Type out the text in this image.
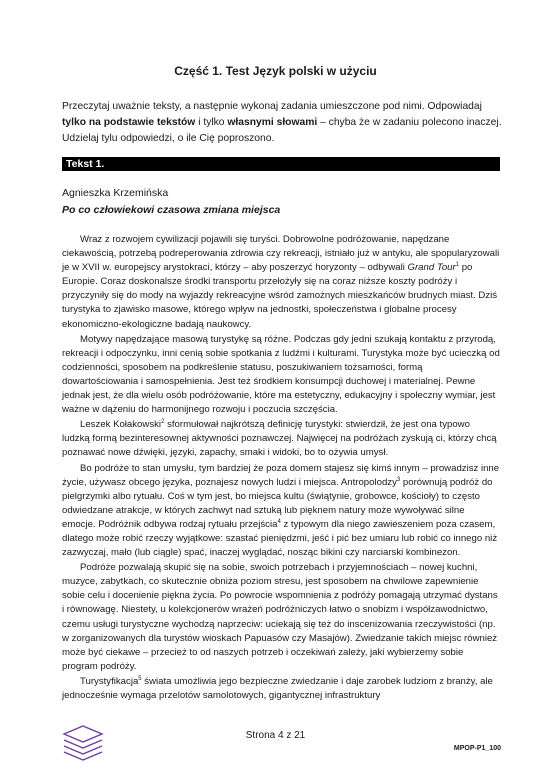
Część 1. Test Język polski w użyciu
Przeczytaj uważnie teksty, a następnie wykonaj zadania umieszczone pod nimi. Odpowiadaj tylko na podstawie tekstów i tylko własnymi słowami – chyba że w zadaniu polecono inaczej. Udzielaj tylu odpowiedzi, o ile Cię poproszono.
Tekst 1.
Agnieszka Krzemińska
Po co człowiekowi czasowa zmiana miejsca

Wraz z rozwojem cywilizacji pojawili się turyści. Dobrowolne podróżowanie, napędzane ciekawością, potrzebą podreperowania zdrowia czy rekreacji, istniało już w antyku, ale spopularyzowali je w XVII w. europejscy arystokraci, którzy – aby poszerzyć horyzonty – odbywali Grand Tour$^1$ po Europie. Coraz doskonalsze środki transportu przełożyły się na coraz niższe koszty podróży i przyczyniły się do mody na wyjazdy rekreacyjne wśród zamożnych mieszkańców brudnych miast. Dziś turystyka to zjawisko masowe, którego wpływ na jednostki, społeczeństwa i globalne procesy ekonomiczno-ekologiczne badają naukowcy.

Motywy napędzające masową turystykę są różne. Podczas gdy jedni szukają kontaktu z przyrodą, rekreacji i odpoczynku, inni cenią sobie spotkania z ludźmi i kulturami. Turystyka może być ucieczką od codzienności, sposobem na podkreślenie statusu, poszukiwaniem tożsamości, formą dowartościowania i samospełnienia. Jest też środkiem konsumpcji duchowej i materialnej. Pewne jednak jest, że dla wielu osób podróżowanie, które ma estetyczny, edukacyjny i społeczny wymiar, jest ważne w dążeniu do harmonijnego rozwoju i poczucia szczęścia.

Leszek Kołakowski$^2$ sformułował najkrótszą definicję turystyki: stwierdził, że jest ona typowo ludzką formą bezinteresownej aktywności poznawczej. Najwięcej na podróżach zyskują ci, którzy chcą poznawać nowe dźwięki, języki, zapachy, smaki i widoki, bo to ożywia umysł.

Bo podróże to stan umysłu, tym bardziej że poza domem stajesz się kimś innym – prowadzisz inne życie, używasz obcego języka, poznajesz nowych ludzi i miejsca. Antropolodzy$^3$ porównują podróż do pielgrzymki albo rytuału. Coś w tym jest, bo miejsca kultu (świątynie, grobowce, kościoły) to często odwiedzane atrakcje, w których zachwyt nad sztuką lub pięknem natury może wywoływać silne emocje. Podróżnik odbywa rodzaj rytuału przejścia$^4$ z typowym dla niego zawieszeniem poza czasem, dlatego może robić rzeczy wyjątkowe: szastać pieniędzmi, jeść i pić bez umiaru lub robić co innego niż zazwyczaj, mało (lub ciągle) spać, inaczej wyglądać, nosząc bikini czy narciarski kombinezon.

Podróże pozwalają skupić się na sobie, swoich potrzebach i przyjemnościach – nowej kuchni, muzyce, zabytkach, co skutecznie obniża poziom stresu, jest sposobem na chwilowe zapewnienie sobie celu i docenienie piękna życia. Po powrocie wspomnienia z podróży pomagają utrzymać dystans i równowagę. Niestety, u kolekcjonerów wrażeń podróżniczych łatwo o snobizm i współzawodnictwo, czemu usługi turystyczne wychodzą naprzeciw: uciekają się też do inscenizowania rzeczywistości (np. w zorganizowanych dla turystów wioskach Papuasów czy Masajów). Zwiedzanie takich miejsc również może być ciekawe – przecież to od naszych potrzeb i oczekiwań zależy, jaki wybierzemy sobie program podróży.

Turystyfikacja$^5$ świata umożliwia jego bezpieczne zwiedzanie i daje zarobek ludziom z branży, ale jednocześnie wymaga przelotów samolotowych, gigantycznej infrastruktury

Strona 4 z 21
MPOP-P1_100
